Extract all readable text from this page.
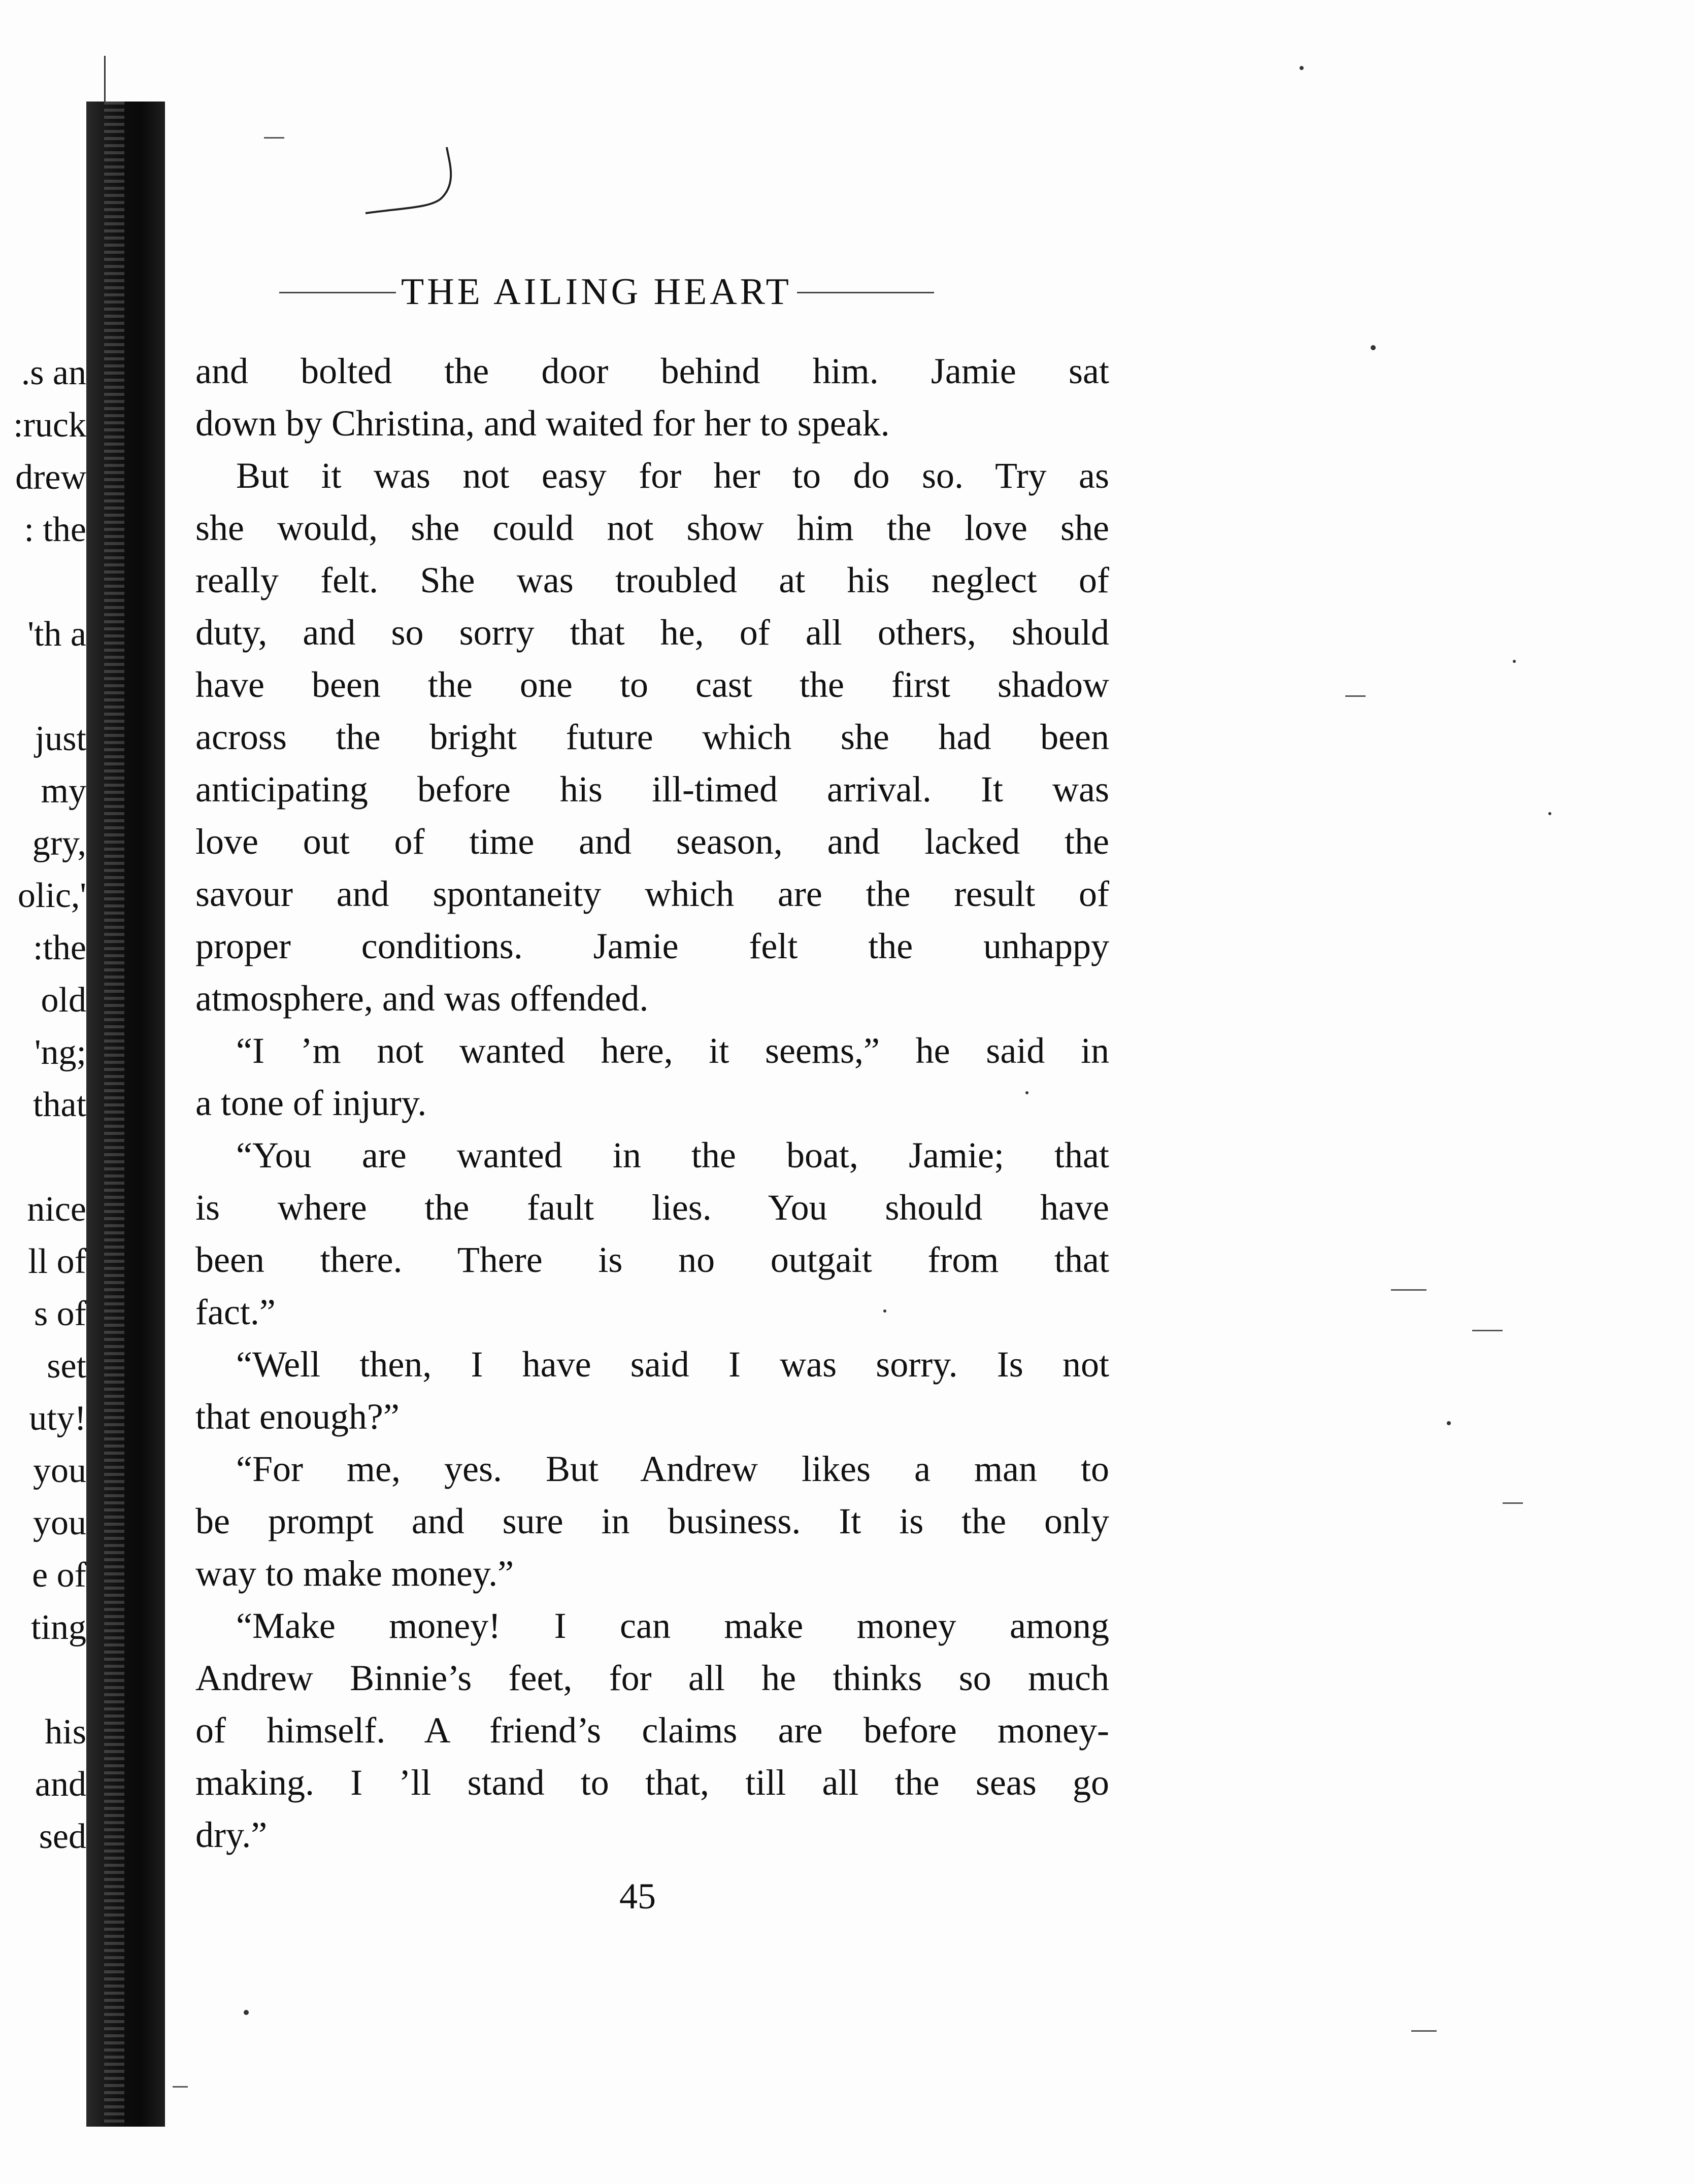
.s an
:ruck
drew
: the
'th a
just
my
gry,
olic,'
:the
old
'ng;
that
nice
ll of
s of
set
uty!
you
you
e of
ting
his
and
sed
THE AILING HEART
and bolted the door behind him. Jamie sat
down by Christina, and waited for her to speak.
But it was not easy for her to do so. Try as
she would, she could not show him the love she
really felt. She was troubled at his neglect of
duty, and so sorry that he, of all others, should
have been the one to cast the first shadow
across the bright future which she had been
anticipating before his ill-timed arrival. It was
love out of time and season, and lacked the
savour and spontaneity which are the result of
proper conditions. Jamie felt the unhappy
atmosphere, and was offended.
“I ’m not wanted here, it seems,” he said in
a tone of injury.
“You are wanted in the boat, Jamie; that
is where the fault lies. You should have
been there. There is no outgait from that
fact.”
“Well then, I have said I was sorry. Is not
that enough?”
“For me, yes. But Andrew likes a man to
be prompt and sure in business. It is the only
way to make money.”
“Make money! I can make money among
Andrew Binnie’s feet, for all he thinks so much
of himself. A friend’s claims are before money-
making. I ’ll stand to that, till all the seas go
dry.”
45
